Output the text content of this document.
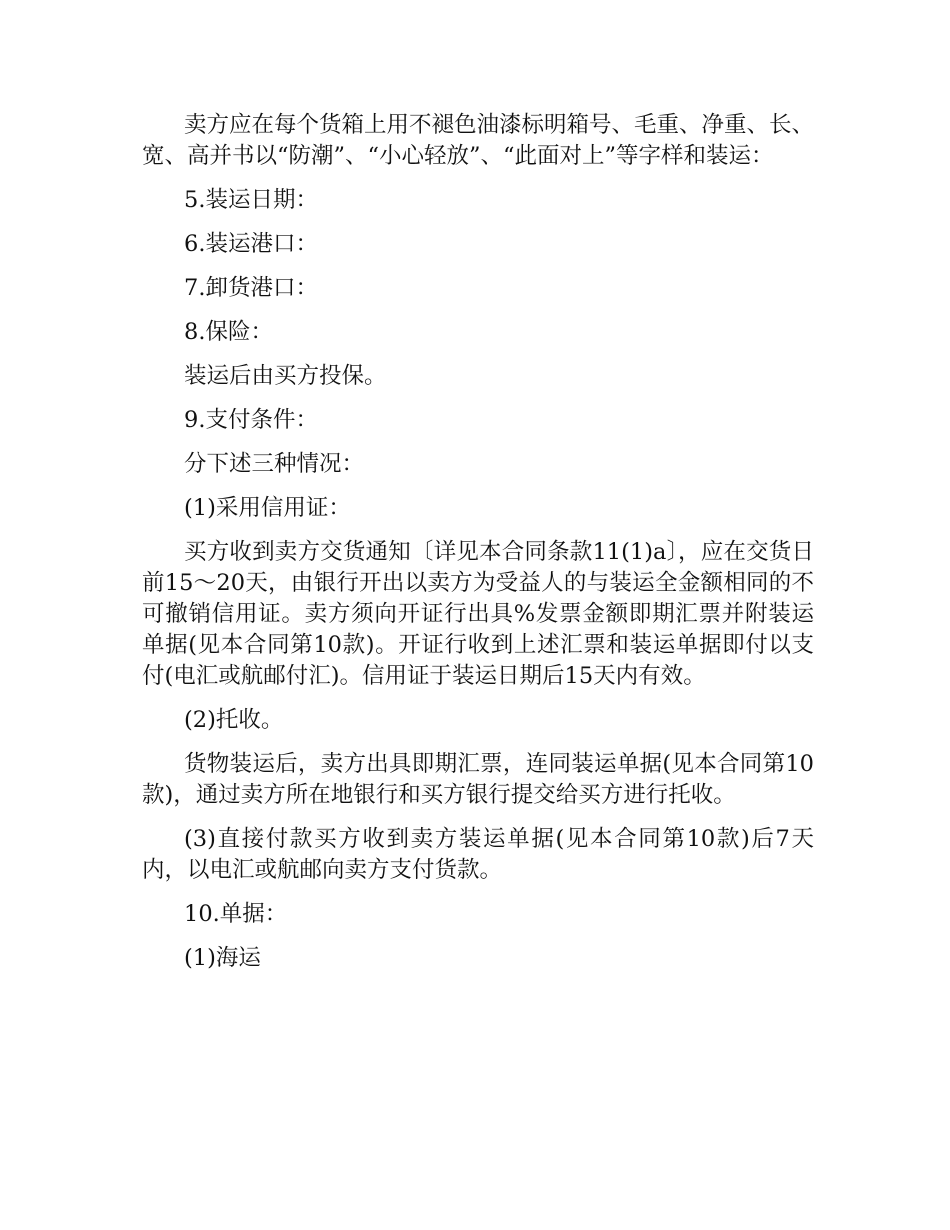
卖方应在每个货箱上用不褪色油漆标明箱号、毛重、净重、长、宽、高并书以“防潮”、“小心轻放”、“此面对上”等字样和装运：

5.装运日期：

6.装运港口：

7.卸货港口：

8.保险：

装运后由买方投保。

9.支付条件：

分下述三种情况：

(1)采用信用证：

买方收到卖方交货通知〔详见本合同条款11(1)a〕，应在交货日前15～20天，由银行开出以卖方为受益人的与装运全金额相同的不可撤销信用证。卖方须向开证行出具%发票金额即期汇票并附装运单据(见本合同第10款)。开证行收到上述汇票和装运单据即付以支付(电汇或航邮付汇)。信用证于装运日期后15天内有效。

(2)托收。

货物装运后，卖方出具即期汇票，连同装运单据(见本合同第10款)，通过卖方所在地银行和买方银行提交给买方进行托收。

(3)直接付款买方收到卖方装运单据(见本合同第10款)后7天内，以电汇或航邮向卖方支付货款。

10.单据：

(1)海运
